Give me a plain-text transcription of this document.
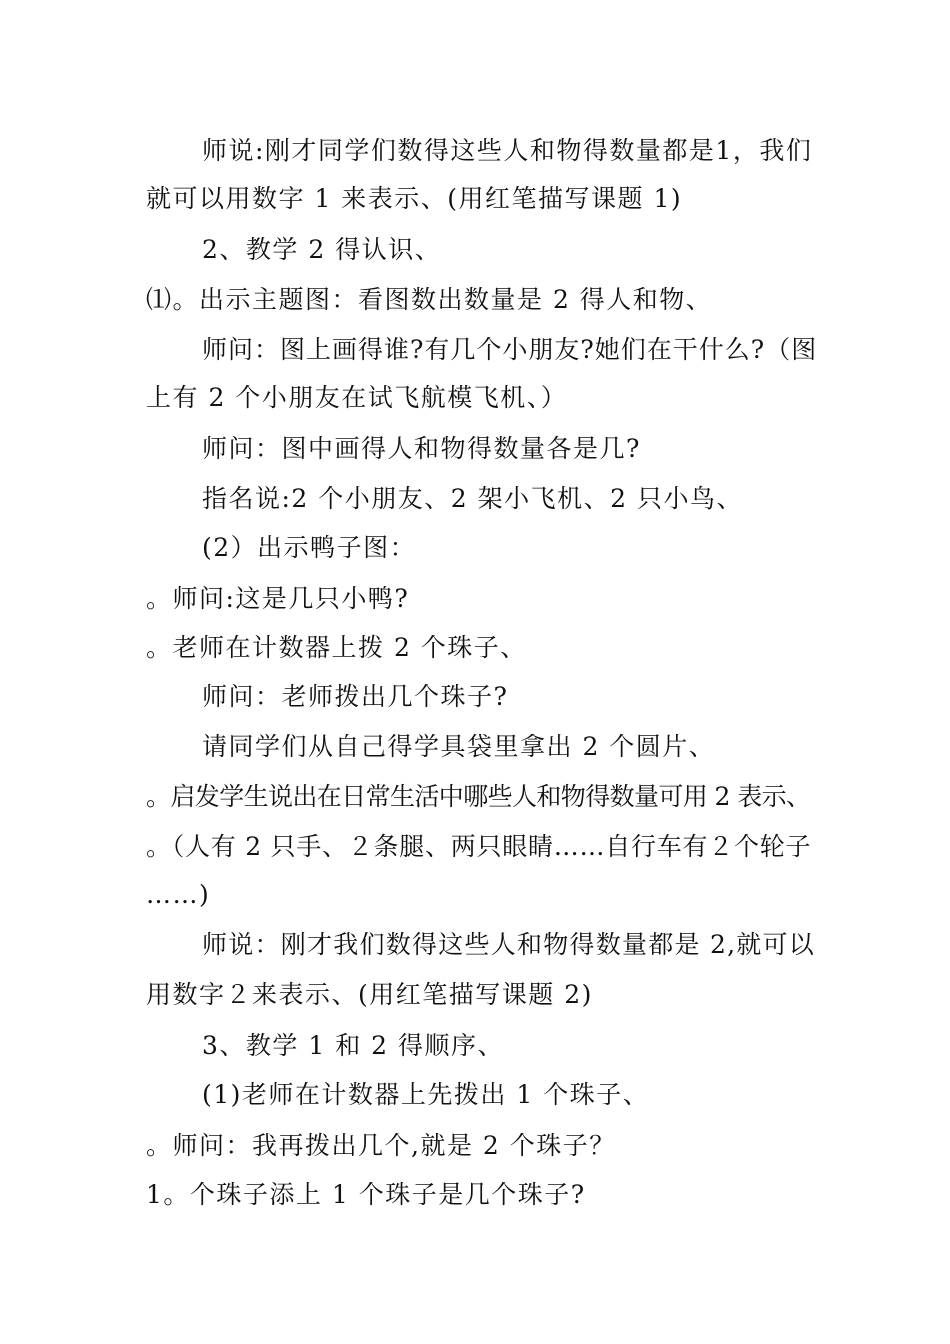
师说:刚才同学们数得这些人和物得数量都是1，我们
就可以用数字 1 来表示、(用红笔描写课题 1)
2、教学 2 得认识、
⑴。出示主题图：看图数出数量是 2 得人和物、
师问：图上画得谁?有几个小朋友?她们在干什么?（图
上有 2 个小朋友在试飞航模飞机、）
师问：图中画得人和物得数量各是几?
指名说:2 个小朋友、2 架小飞机、2 只小鸟、
(2）出示鸭子图：
。师问:这是几只小鸭?
。老师在计数器上拨 2 个珠子、
师问：老师拨出几个珠子?
请同学们从自己得学具袋里拿出 2 个圆片、
。启发学生说出在日常生活中哪些人和物得数量可用 2 表示、
。（人有 2 只手、２条腿、两只眼睛……自行车有２个轮子
……)
师说：刚才我们数得这些人和物得数量都是 2,就可以
用数字２来表示、(用红笔描写课题 2)
3、教学 1 和 2 得顺序、
(1)老师在计数器上先拨出 1 个珠子、
。师问：我再拨出几个,就是 2 个珠子？
1。个珠子添上 1 个珠子是几个珠子?
